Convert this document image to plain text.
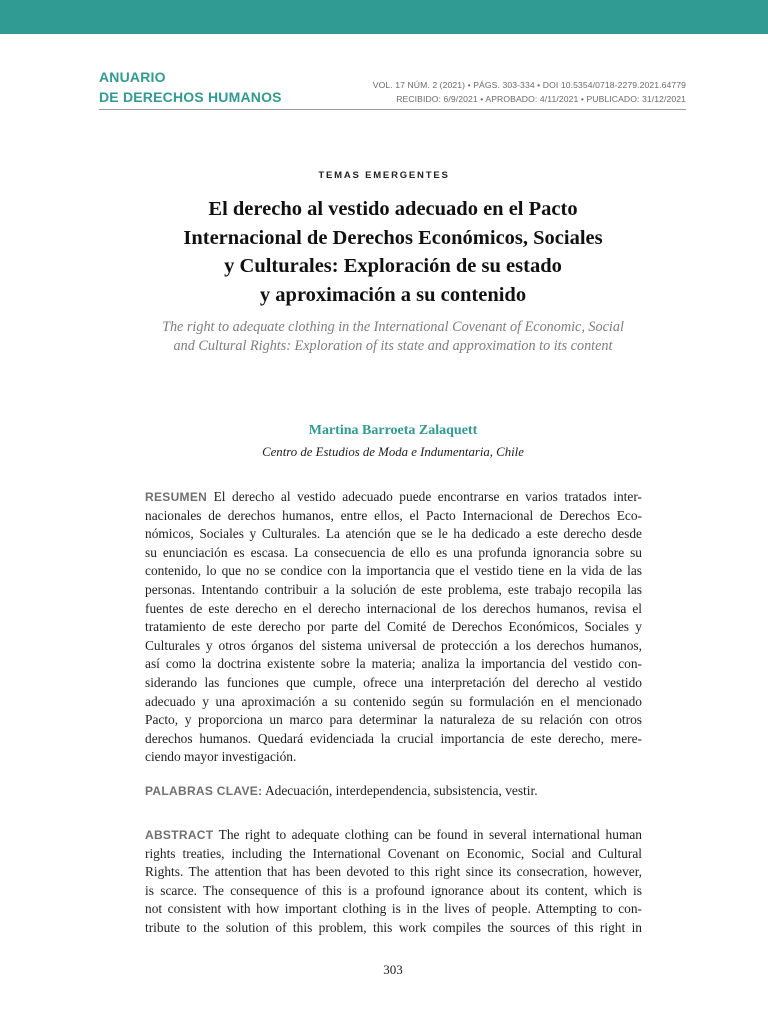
ANUARIO
DE DERECHOS HUMANOS
VOL. 17 NÚM. 2 (2021) • PÁGS. 303-334 • DOI 10.5354/0718-2279.2021.64779
RECIBIDO: 6/9/2021 • APROBADO: 4/11/2021 • PUBLICADO: 31/12/2021
TEMAS EMERGENTES
El derecho al vestido adecuado en el Pacto
Internacional de Derechos Económicos, Sociales
y Culturales: Exploración de su estado
y aproximación a su contenido
The right to adequate clothing in the International Covenant of Economic, Social
and Cultural Rights: Exploration of its state and approximation to its content
Martina Barroeta Zalaquett
Centro de Estudios de Moda e Indumentaria, Chile
RESUMEN El derecho al vestido adecuado puede encontrarse en varios tratados inter-
nacionales de derechos humanos, entre ellos, el Pacto Internacional de Derechos Eco-
nómicos, Sociales y Culturales. La atención que se le ha dedicado a este derecho desde
su enunciación es escasa. La consecuencia de ello es una profunda ignorancia sobre su
contenido, lo que no se condice con la importancia que el vestido tiene en la vida de las
personas. Intentando contribuir a la solución de este problema, este trabajo recopila las
fuentes de este derecho en el derecho internacional de los derechos humanos, revisa el
tratamiento de este derecho por parte del Comité de Derechos Económicos, Sociales y
Culturales y otros órganos del sistema universal de protección a los derechos humanos,
así como la doctrina existente sobre la materia; analiza la importancia del vestido con-
siderando las funciones que cumple, ofrece una interpretación del derecho al vestido
adecuado y una aproximación a su contenido según su formulación en el mencionado
Pacto, y proporciona un marco para determinar la naturaleza de su relación con otros
derechos humanos. Quedará evidenciada la crucial importancia de este derecho, mere-
ciendo mayor investigación.
PALABRAS CLAVE: Adecuación, interdependencia, subsistencia, vestir.
ABSTRACT The right to adequate clothing can be found in several international human
rights treaties, including the International Covenant on Economic, Social and Cultural
Rights. The attention that has been devoted to this right since its consecration, however,
is scarce. The consequence of this is a profound ignorance about its content, which is
not consistent with how important clothing is in the lives of people. Attempting to con-
tribute to the solution of this problem, this work compiles the sources of this right in
303
